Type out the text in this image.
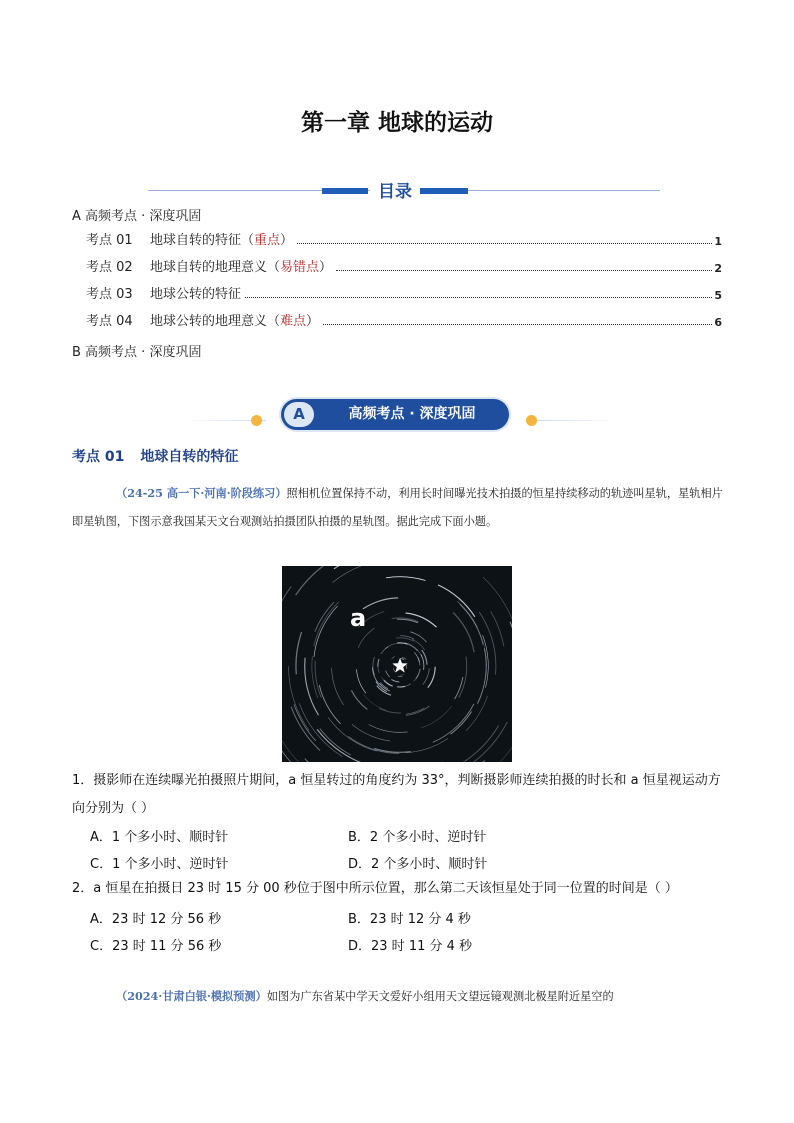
第一章 地球的运动
目录
A 高频考点 · 深度巩固
考点 01	地球自转的特征（ 重点 ）	1
考点 02	地球自转的地理意义（ 易错点 ）	2
考点 03	地球公转的特征	5
考点 04	地球公转的地理意义（ 难点 ）	6
B 高频考点 · 深度巩固
A	高频考点 · 深度巩固
考点 01 地球自转的特征
（24-25 高一下·河南·阶段练习）照相机位置保持不动，利用长时间曝光技术拍摄的恒星持续移动的轨迹叫星轨，星轨相片即星轨图，下图示意我国某天文台观测站拍摄团队拍摄的星轨图。据此完成下面小题。
a
1．摄影师在连续曝光拍摄照片期间，a 恒星转过的角度约为 33°，判断摄影师连续拍摄的时长和 a 恒星视运动方向分别为（ ）
A．1 个多小时、顺时针	B．2 个多小时、逆时针
C．1 个多小时、逆时针	D．2 个多小时、顺时针
2．a 恒星在拍摄日 23 时 15 分 00 秒位于图中所示位置，那么第二天该恒星处于同一位置的时间是（ ）
A．23 时 12 分 56 秒	B．23 时 12 分 4 秒
C．23 时 11 分 56 秒	D．23 时 11 分 4 秒
（2024·甘肃白银·模拟预测）如图为广东省某中学天文爱好小组用天文望远镜观测北极星附近星空的
